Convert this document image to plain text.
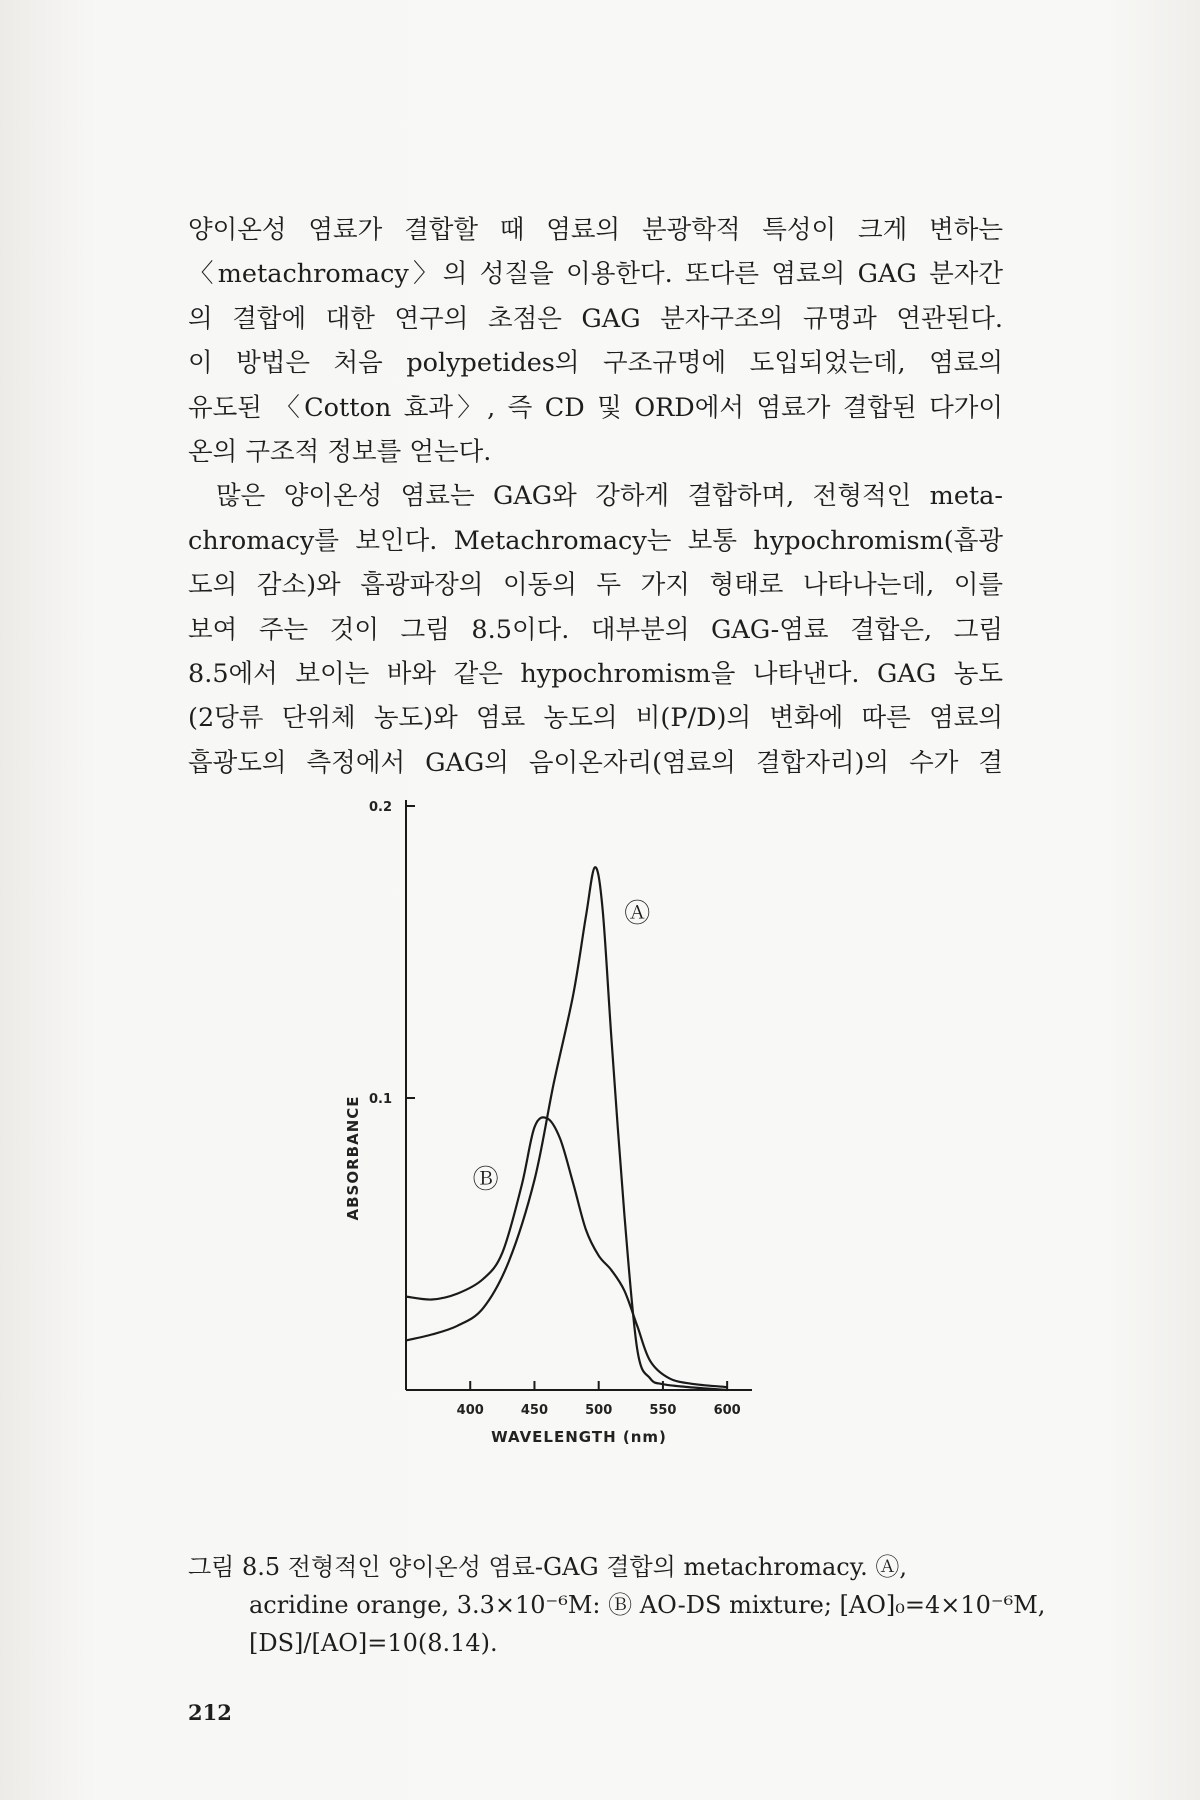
양이온성 염료가 결합할 때 염료의 분광학적 특성이 크게 변하는
〈metachromacy〉의 성질을 이용한다. 또다른 염료의 GAG 분자간
의 결합에 대한 연구의 초점은 GAG 분자구조의 규명과 연관된다.
이 방법은 처음 polypetides의 구조규명에 도입되었는데, 염료의
유도된 〈Cotton 효과〉, 즉 CD 및 ORD에서 염료가 결합된 다가이
온의 구조적 정보를 얻는다.

많은 양이온성 염료는 GAG와 강하게 결합하며, 전형적인 meta-
chromacy를 보인다. Metachromacy는 보통 hypochromism(흡광
도의 감소)와 흡광파장의 이동의 두 가지 형태로 나타나는데, 이를
보여 주는 것이 그림 8.5이다. 대부분의 GAG-염료 결합은, 그림
8.5에서 보이는 바와 같은 hypochromism을 나타낸다. GAG 농도
(2당류 단위체 농도)와 염료 농도의 비(P/D)의 변화에 따른 염료의
흡광도의 측정에서 GAG의 음이온자리(염료의 결합자리)의 수가 결

0.1
0.2
400	450	500	550	600
WAVELENGTH (nm)
ABSORBANCE
Ⓐ
Ⓑ
그림 8.5 전형적인 양이온성 염료-GAG 결합의 metachromacy. Ⓐ,
acridine orange, 3.3×10⁻⁶M: Ⓑ AO-DS mixture; [AO]₀=4×10⁻⁶M,
[DS]/[AO]=10(8.14).
212
